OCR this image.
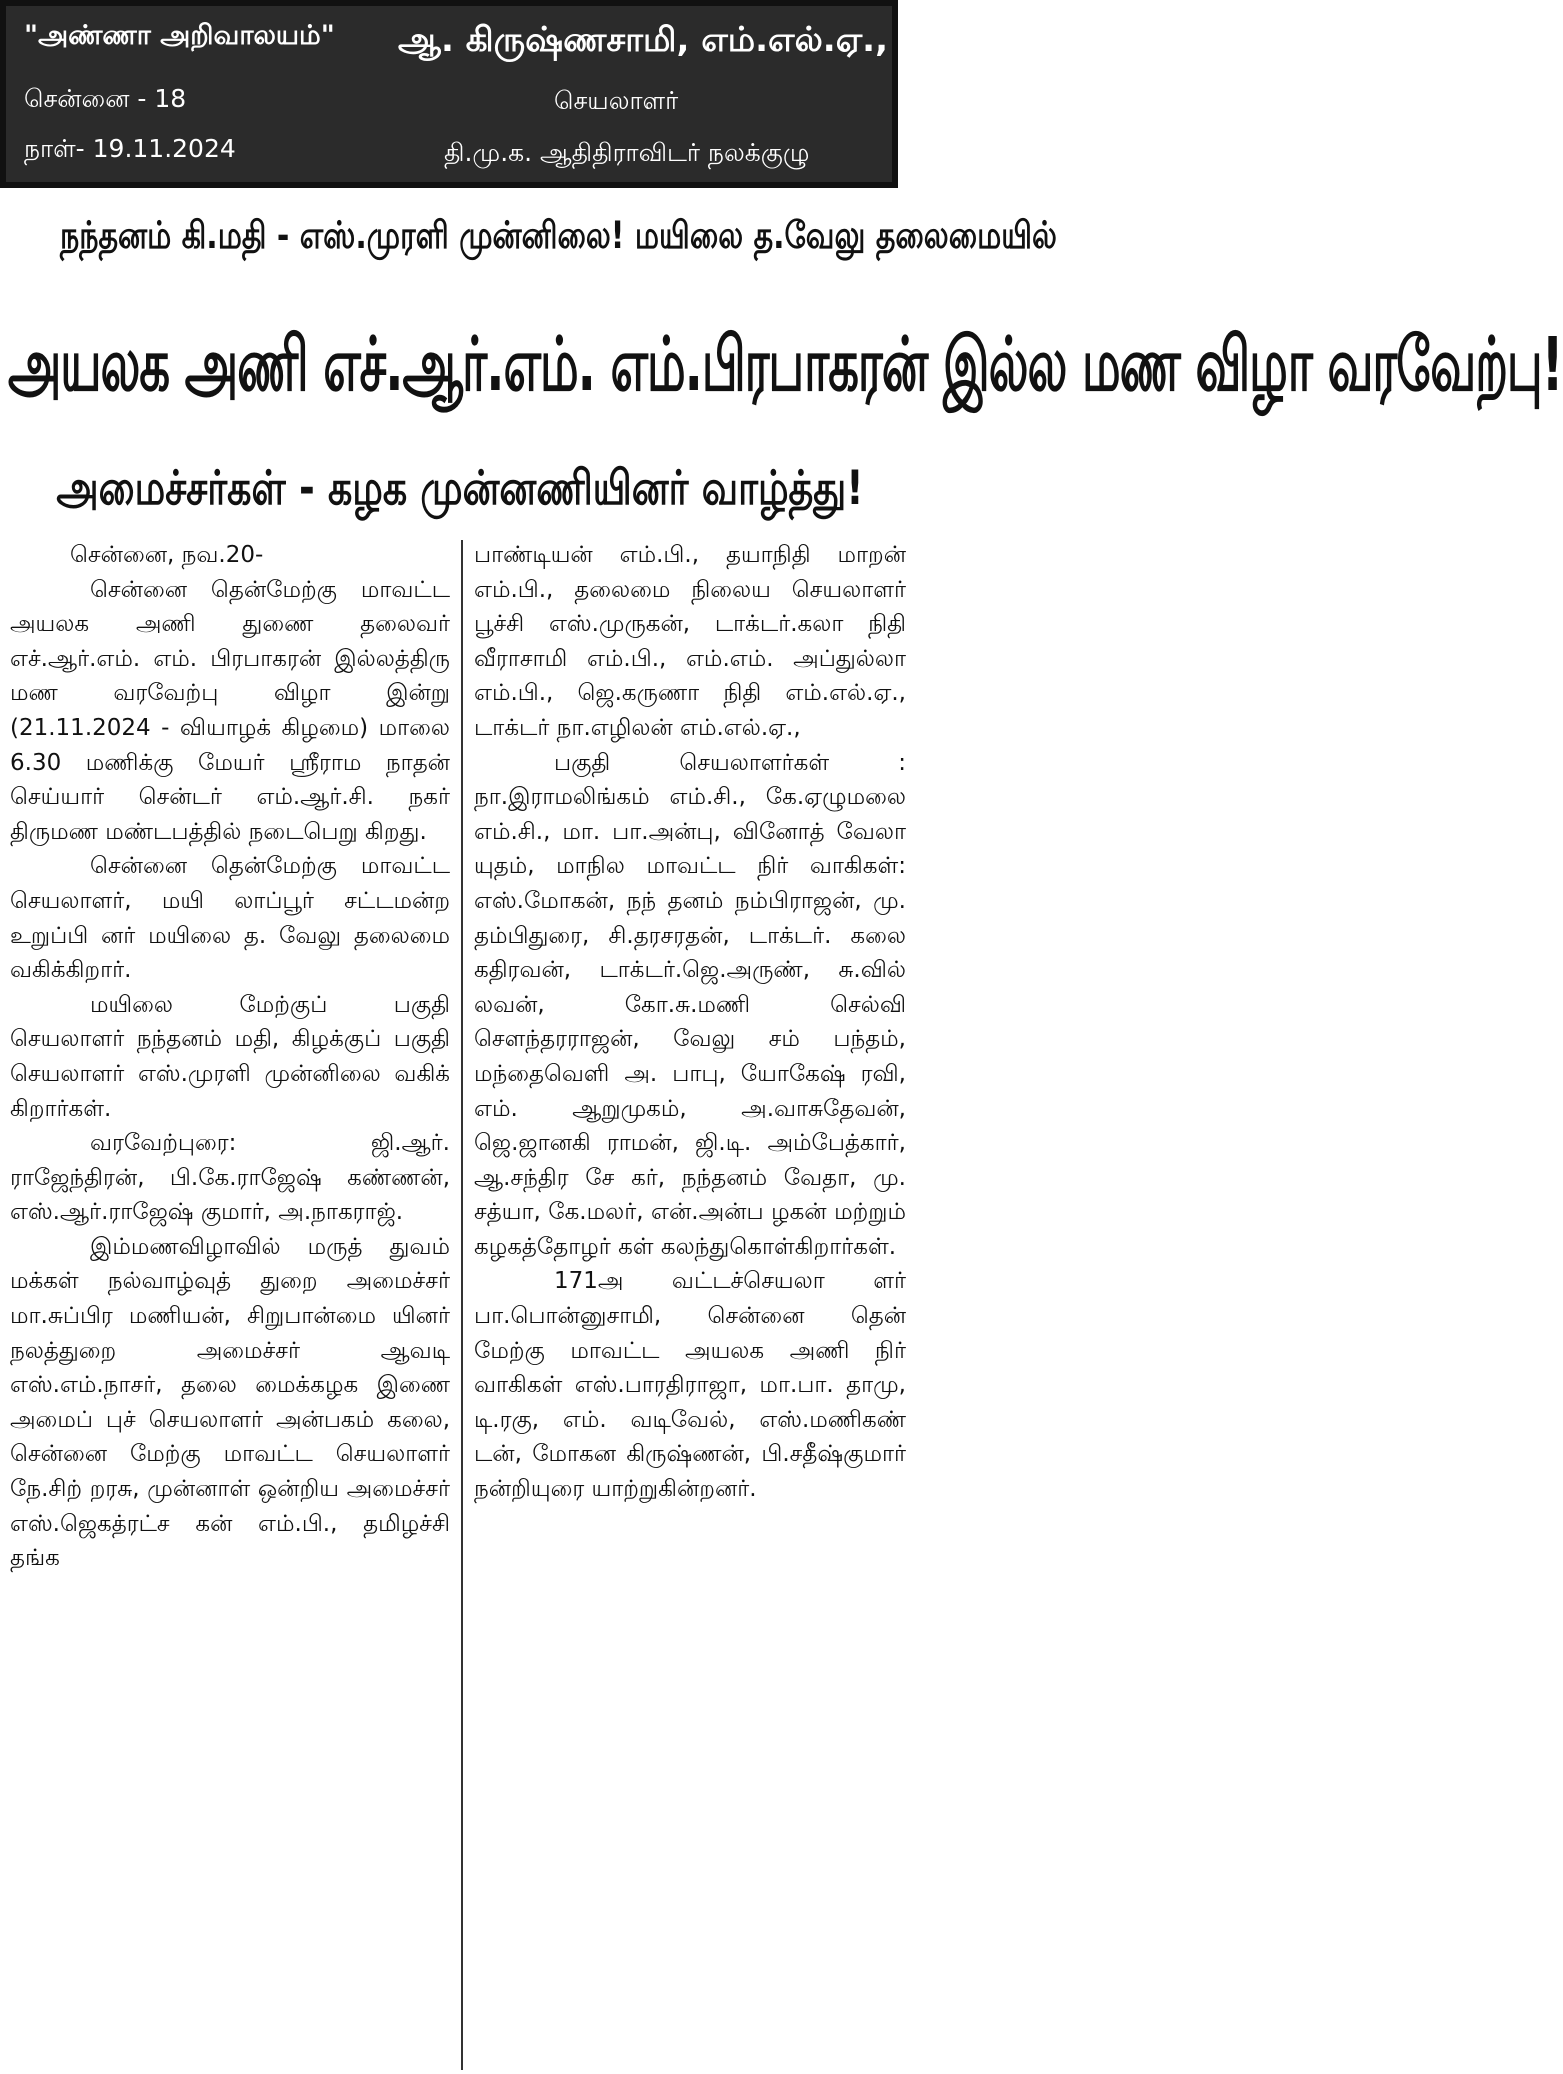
"அண்ணா அறிவாலயம்" ஆ. கிருஷ்ணசாமி, எம்.எல்.ஏ.,
சென்னை - 18	செயலாளர்
நாள்- 19.11.2024	தி.மு.க. ஆதிதிராவிடர் நலக்குழு
நந்தனம் கி.மதி - எஸ்.முரளி முன்னிலை! மயிலை த.வேலு தலைமையில்
அயலக அணி எச்.ஆர்.எம். எம்.பிரபாகரன் இல்ல மண விழா வரவேற்பு!
அமைச்சர்கள் - கழக முன்னணியினர் வாழ்த்து!

சென்னை, நவ.20-

சென்னை தென்மேற்கு மாவட்ட அயலக அணி துணை தலைவர் எச்.ஆர்.எம். எம். பிரபாகரன் இல்லத்திரு மண வரவேற்பு விழா இன்று (21.11.2024 - வியாழக் கிழமை) மாலை 6.30 மணிக்கு மேயர் ஸ்ரீராம நாதன் செய்யார் சென்டர் எம்.ஆர்.சி. நகர் திருமண மண்டபத்தில் நடைபெறு கிறது.

சென்னை தென்மேற்கு மாவட்ட செயலாளர், மயி லாப்பூர் சட்டமன்ற உறுப்பி னர் மயிலை த. வேலு தலைமை வகிக்கிறார்.

மயிலை மேற்குப் பகுதி செயலாளர் நந்தனம் மதி, கிழக்குப் பகுதி செயலாளர் எஸ்.முரளி முன்னிலை வகிக் கிறார்கள்.

வரவேற்புரை: ஜி.ஆர். ராஜேந்திரன், பி.கே.ராஜேஷ் கண்ணன், எஸ்.ஆர்.ராஜேஷ் குமார், அ.நாகராஜ்.

இம்மணவிழாவில் மருத் துவம் மக்கள் நல்வாழ்வுத் துறை அமைச்சர் மா.சுப்பிர மணியன், சிறுபான்மை யினர் நலத்துறை அமைச்சர் ஆவடி எஸ்.எம்.நாசர், தலை மைக்கழக இணை அமைப் புச் செயலாளர் அன்பகம் கலை, சென்னை மேற்கு மாவட்ட செயலாளர் நே.சிற் றரசு, முன்னாள் ஒன்றிய அமைச்சர் எஸ்.ஜெகத்ரட்ச கன் எம்.பி., தமிழச்சி தங்க

பாண்டியன் எம்.பி., தயாநிதி மாறன் எம்.பி., தலைமை நிலைய செயலாளர் பூச்சி எஸ்.முருகன், டாக்டர்.கலா நிதி வீராசாமி எம்.பி., எம்.எம். அப்துல்லா எம்.பி., ஜெ.கருணா நிதி எம்.எல்.ஏ., டாக்டர் நா.எழிலன் எம்.எல்.ஏ.,

பகுதி செயலாளர்கள் : நா.இராமலிங்கம் எம்.சி., கே.ஏழுமலை எம்.சி., மா. பா.அன்பு, வினோத் வேலா யுதம், மாநில மாவட்ட நிர் வாகிகள்: எஸ்.மோகன், நந் தனம் நம்பிராஜன், மு. தம்பிதுரை, சி.தரசரதன், டாக்டர். கலை கதிரவன், டாக்டர்.ஜெ.அருண், சு.வில் லவன், கோ.சு.மணி செல்வி சௌந்தரராஜன், வேலு சம் பந்தம், மந்தைவெளி அ. பாபு, யோகேஷ் ரவி, எம். ஆறுமுகம், அ.வாசுதேவன், ஜெ.ஜானகி ராமன், ஜி.டி. அம்பேத்கார், ஆ.சந்திர சே கர், நந்தனம் வேதா, மு. சத்யா, கே.மலர், என்.அன்ப ழகன் மற்றும் கழகத்தோழர் கள் கலந்துகொள்கிறார்கள்.

171அ வட்டச்செயலா ளர் பா.பொன்னுசாமி, சென்னை தென் மேற்கு மாவட்ட அயலக அணி நிர் வாகிகள் எஸ்.பாரதிராஜா, மா.பா. தாமு, டி.ரகு, எம். வடிவேல், எஸ்.மணிகண் டன், மோகன கிருஷ்ணன், பி.சதீஷ்குமார் நன்றியுரை யாற்றுகின்றனர்.
